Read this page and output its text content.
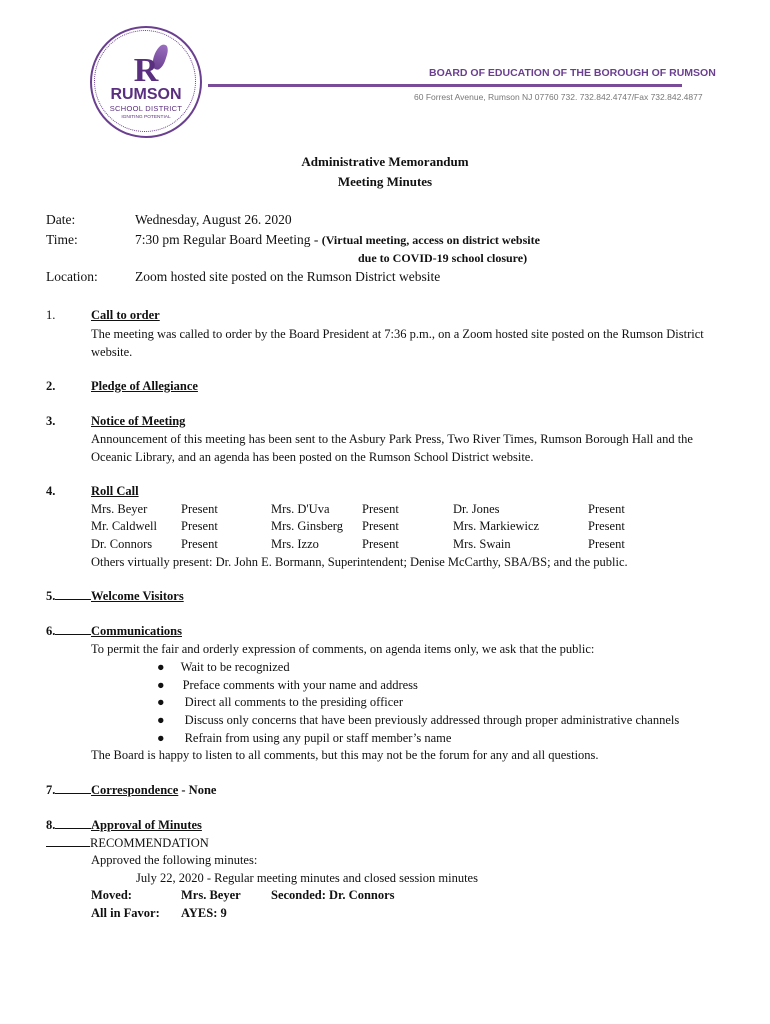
R
RUMSON
SCHOOL DISTRICT
IGNITING POTENTIAL
BOARD OF EDUCATION OF THE BOROUGH OF RUMSON
60 Forrest Avenue, Rumson NJ 07760 732. 732.842.4747/Fax 732.842.4877
Administrative Memorandum
Meeting Minutes
Date:	Wednesday, August 26. 2020
Time:	7:30 pm Regular Board Meeting - (Virtual meeting, access on district website
due to COVID-19 school closure)
Location:	Zoom hosted site posted on the Rumson District website
1.	Call to order
The meeting was called to order by the Board President at 7:36 p.m., on a Zoom hosted site posted on the Rumson District
website.
2.	Pledge of Allegiance
3.	Notice of Meeting
Announcement of this meeting has been sent to the Asbury Park Press, Two River Times, Rumson Borough Hall and the
Oceanic Library, and an agenda has been posted on the Rumson School District website.
4.	Roll Call
Mrs. Beyer	Present	Mrs. D'Uva	Present	Dr. Jones	Present
Mr. Caldwell Present	Mrs. Ginsberg Present	Mrs. Markiewicz	Present
Dr. Connors Present	Mrs. Izzo	Present	Mrs. Swain	Present
Others virtually present: Dr. John E. Bormann, Superintendent; Denise McCarthy, SBA/BS; and the public.
5.	Welcome Visitors
6.	Communications
To permit the fair and orderly expression of comments, on agenda items only, we ask that the public:
● Wait to be recognized
● Preface comments with your name and address
● Direct all comments to the presiding officer
● Discuss only concerns that have been previously addressed through proper administrative channels
● Refrain from using any pupil or staff member’s name
The Board is happy to listen to all comments, but this may not be the forum for any and all questions.
7.	Correspondence - None
8.	Approval of Minutes
RECOMMENDATION
Approved the following minutes:
July 22, 2020 - Regular meeting minutes and closed session minutes
Moved:	Mrs. Beyer Seconded: Dr. Connors
All in Favor: AYES: 9
